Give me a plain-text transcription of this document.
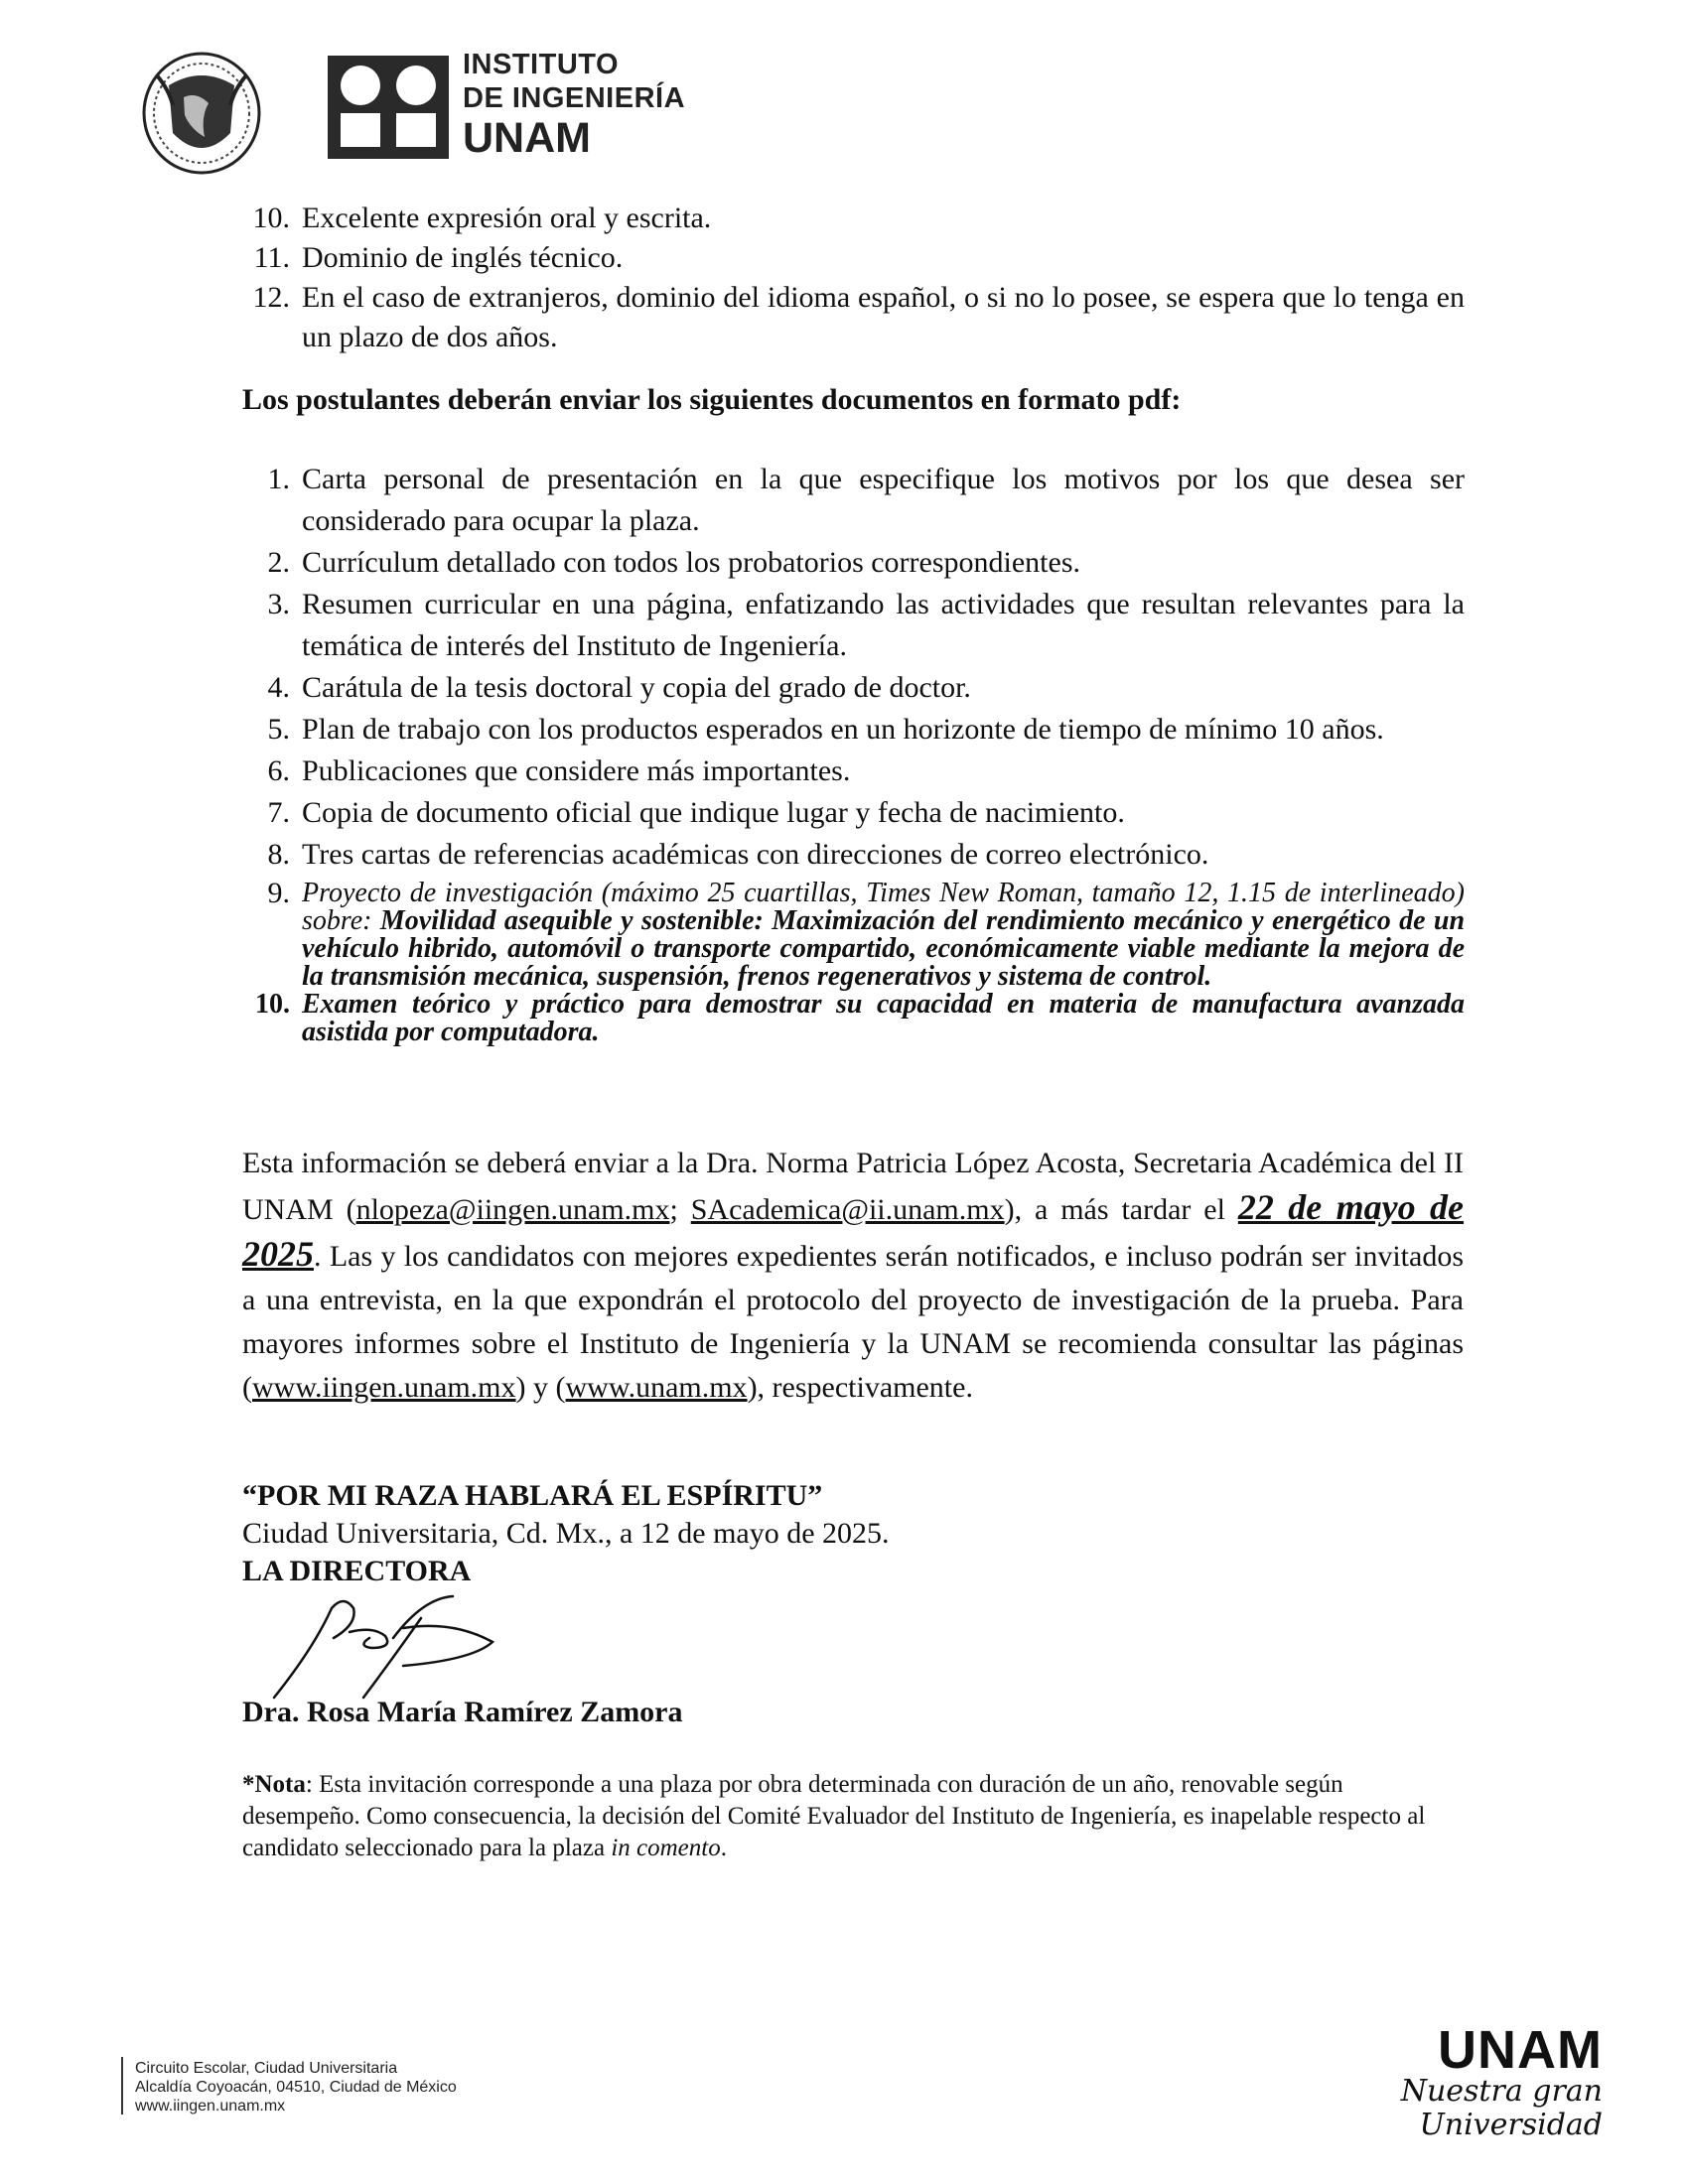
INSTITUTO
DE INGENIERÍA
UNAM
10. Excelente expresión oral y escrita.
11. Dominio de inglés técnico.
12. En el caso de extranjeros, dominio del idioma español, o si no lo posee, se espera que lo tenga en un plazo de dos años.
Los postulantes deberán enviar los siguientes documentos en formato pdf:
1. Carta personal de presentación en la que especifique los motivos por los que desea ser considerado para ocupar la plaza.
2. Currículum detallado con todos los probatorios correspondientes.
3. Resumen curricular en una página, enfatizando las actividades que resultan relevantes para la temática de interés del Instituto de Ingeniería.
4. Carátula de la tesis doctoral y copia del grado de doctor.
5. Plan de trabajo con los productos esperados en un horizonte de tiempo de mínimo 10 años.
6. Publicaciones que considere más importantes.
7. Copia de documento oficial que indique lugar y fecha de nacimiento.
8. Tres cartas de referencias académicas con direcciones de correo electrónico.
9. Proyecto de investigación (máximo 25 cuartillas, Times New Roman, tamaño 12, 1.15 de interlineado) sobre: Movilidad asequible y sostenible: Maximización del rendimiento mecánico y energético de un vehículo hibrido, automóvil o transporte compartido, económicamente viable mediante la mejora de la transmisión mecánica, suspensión, frenos regenerativos y sistema de control.
10. Examen teórico y práctico para demostrar su capacidad en materia de manufactura avanzada asistida por computadora.
Esta información se deberá enviar a la Dra. Norma Patricia López Acosta, Secretaria Académica del II UNAM (nlopeza@iingen.unam.mx; SAcademica@ii.unam.mx), a más tardar el 22 de mayo de 2025. Las y los candidatos con mejores expedientes serán notificados, e incluso podrán ser invitados a una entrevista, en la que expondrán el protocolo del proyecto de investigación de la prueba. Para mayores informes sobre el Instituto de Ingeniería y la UNAM se recomienda consultar las páginas (www.iingen.unam.mx) y (www.unam.mx), respectivamente.
“POR MI RAZA HABLARÁ EL ESPÍRITU”
Ciudad Universitaria, Cd. Mx., a 12 de mayo de 2025.
LA DIRECTORA
Dra. Rosa María Ramírez Zamora
*Nota: Esta invitación corresponde a una plaza por obra determinada con duración de un año, renovable según desempeño. Como consecuencia, la decisión del Comité Evaluador del Instituto de Ingeniería, es inapelable respecto al candidato seleccionado para la plaza in comento.
Circuito Escolar, Ciudad Universitaria
Alcaldía Coyoacán, 04510, Ciudad de México
www.iingen.unam.mx
UNAM
Nuestra gran
Universidad
